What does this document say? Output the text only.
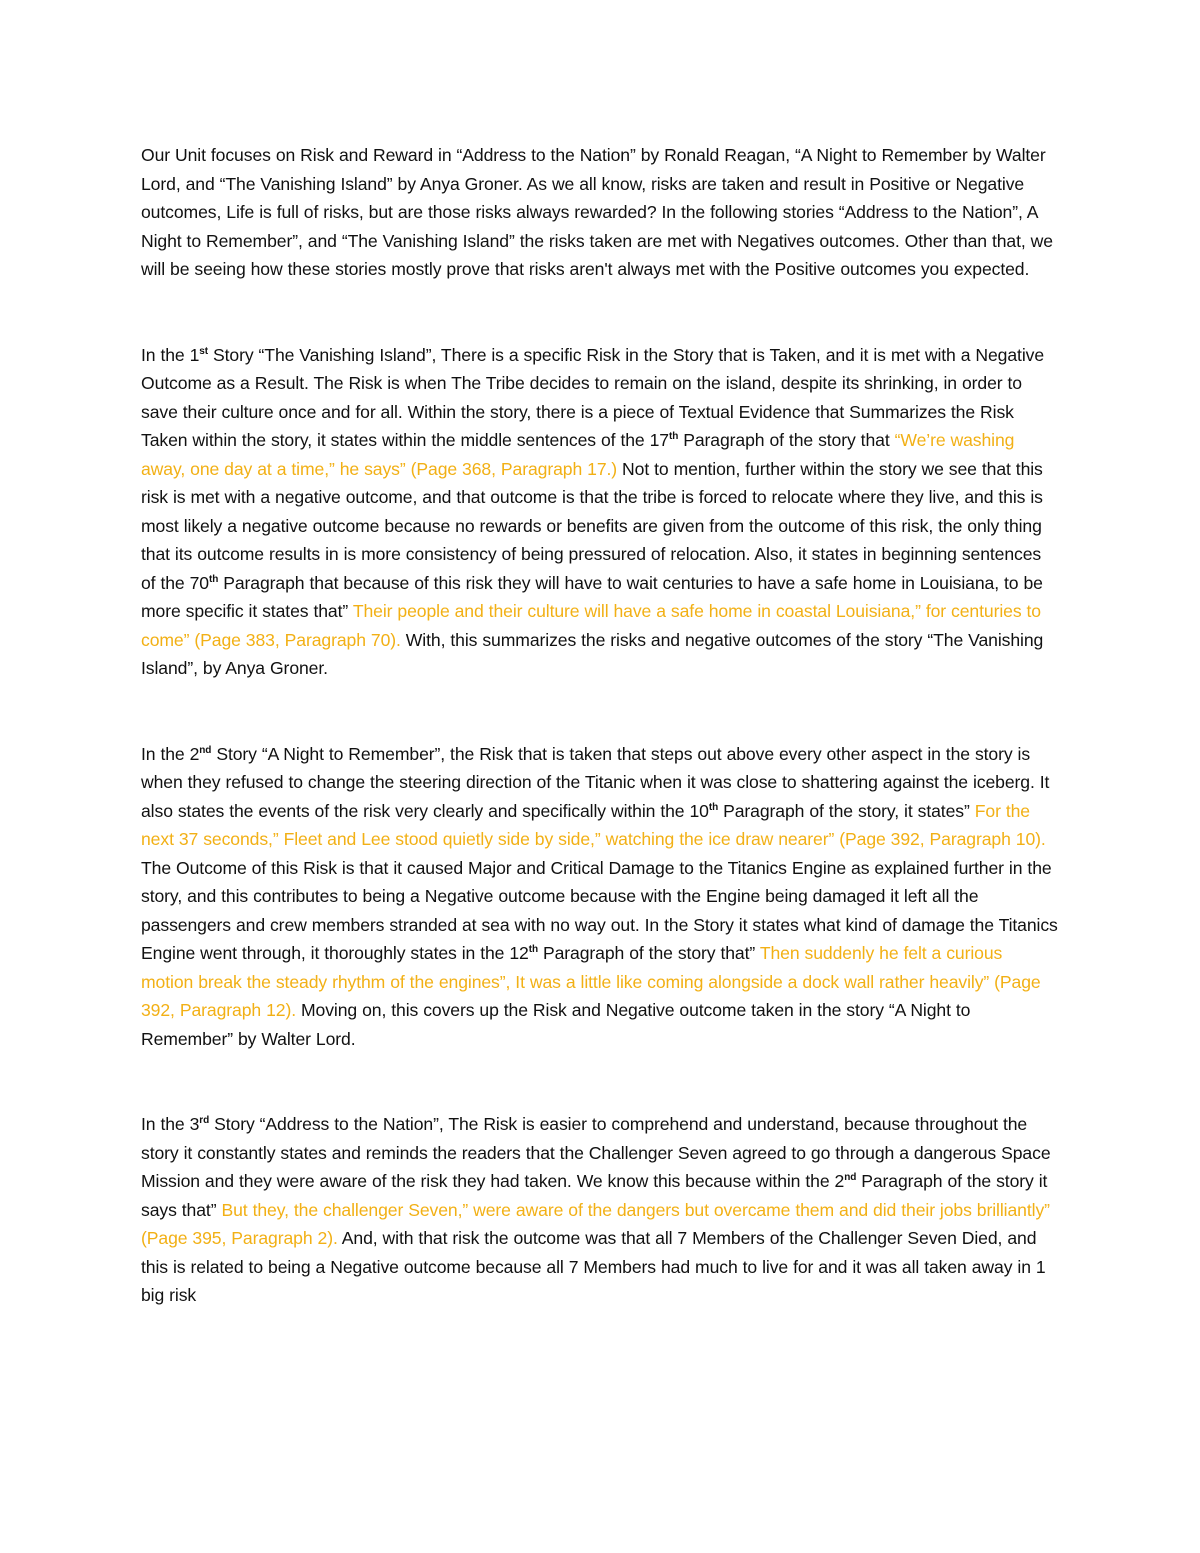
Our Unit focuses on Risk and Reward in “Address to the Nation” by Ronald Reagan, “A Night to Remember by Walter Lord, and “The Vanishing Island” by Anya Groner. As we all know, risks are taken and result in Positive or Negative outcomes, Life is full of risks, but are those risks always rewarded? In the following stories “Address to the Nation”, A Night to Remember”, and “The Vanishing Island” the risks taken are met with Negatives outcomes. Other than that, we will be seeing how these stories mostly prove that risks aren't always met with the Positive outcomes you expected.

In the 1st Story “The Vanishing Island”, There is a specific Risk in the Story that is Taken, and it is met with a Negative Outcome as a Result. The Risk is when The Tribe decides to remain on the island, despite its shrinking, in order to save their culture once and for all. Within the story, there is a piece of Textual Evidence that Summarizes the Risk Taken within the story, it states within the middle sentences of the 17th Paragraph of the story that “We’re washing away, one day at a time,” he says” (Page 368, Paragraph 17.) Not to mention, further within the story we see that this risk is met with a negative outcome, and that outcome is that the tribe is forced to relocate where they live, and this is most likely a negative outcome because no rewards or benefits are given from the outcome of this risk, the only thing that its outcome results in is more consistency of being pressured of relocation. Also, it states in beginning sentences of the 70th Paragraph that because of this risk they will have to wait centuries to have a safe home in Louisiana, to be more specific it states that” Their people and their culture will have a safe home in coastal Louisiana,” for centuries to come” (Page 383, Paragraph 70). With, this summarizes the risks and negative outcomes of the story “The Vanishing Island”, by Anya Groner.

In the 2nd Story “A Night to Remember”, the Risk that is taken that steps out above every other aspect in the story is when they refused to change the steering direction of the Titanic when it was close to shattering against the iceberg. It also states the events of the risk very clearly and specifically within the 10th Paragraph of the story, it states” For the next 37 seconds,” Fleet and Lee stood quietly side by side,” watching the ice draw nearer” (Page 392, Paragraph 10). The Outcome of this Risk is that it caused Major and Critical Damage to the Titanics Engine as explained further in the story, and this contributes to being a Negative outcome because with the Engine being damaged it left all the passengers and crew members stranded at sea with no way out. In the Story it states what kind of damage the Titanics Engine went through, it thoroughly states in the 12th Paragraph of the story that” Then suddenly he felt a curious motion break the steady rhythm of the engines”, It was a little like coming alongside a dock wall rather heavily” (Page 392, Paragraph 12). Moving on, this covers up the Risk and Negative outcome taken in the story “A Night to Remember” by Walter Lord.

In the 3rd Story “Address to the Nation”, The Risk is easier to comprehend and understand, because throughout the story it constantly states and reminds the readers that the Challenger Seven agreed to go through a dangerous Space Mission and they were aware of the risk they had taken. We know this because within the 2nd Paragraph of the story it says that” But they, the challenger Seven,” were aware of the dangers but overcame them and did their jobs brilliantly” (Page 395, Paragraph 2). And, with that risk the outcome was that all 7 Members of the Challenger Seven Died, and this is related to being a Negative outcome because all 7 Members had much to live for and it was all taken away in 1 big risk
